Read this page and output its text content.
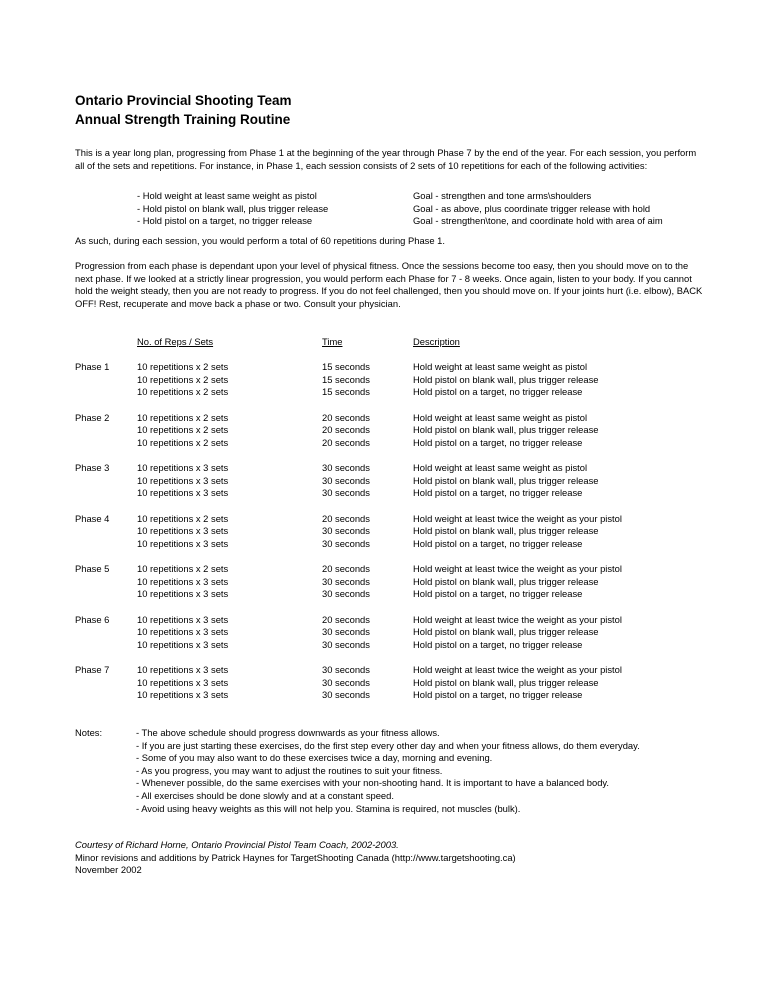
Ontario Provincial Shooting Team

Annual Strength Training Routine

This is a year long plan, progressing from Phase 1 at the beginning of the year through Phase 7 by the end of the year. For each session, you perform all of the sets and repetitions. For instance, in Phase 1, each session consists of 2 sets of 10 repetitions for each of the following activities:

- Hold weight at least same weight as pistol	Goal - strengthen and tone arms\shoulders
- Hold pistol on blank wall, plus trigger release	Goal - as above, plus coordinate trigger release with hold
- Hold pistol on a target, no trigger release	Goal - strengthen\tone, and coordinate hold with area of aim

As such, during each session, you would perform a total of 60 repetitions during Phase 1.

Progression from each phase is dependant upon your level of physical fitness. Once the sessions become too easy, then you should move on to the next phase. If we looked at a strictly linear progression, you would perform each Phase for 7 - 8 weeks. Once again, listen to your body. If you cannot hold the weight steady, then you are not ready to progress. If you do not feel challenged, then you should move on. If your joints hurt (i.e. elbow), BACK OFF! Rest, recuperate and move back a phase or two. Consult your physician.

No. of Reps / Sets	Time	Description
Phase 1	10 repetitions x 2 sets	15 seconds	Hold weight at least same weight as pistol
10 repetitions x 2 sets	15 seconds	Hold pistol on blank wall, plus trigger release
10 repetitions x 2 sets	15 seconds	Hold pistol on a target, no trigger release
Phase 2	10 repetitions x 2 sets	20 seconds	Hold weight at least same weight as pistol
10 repetitions x 2 sets	20 seconds	Hold pistol on blank wall, plus trigger release
10 repetitions x 2 sets	20 seconds	Hold pistol on a target, no trigger release
Phase 3	10 repetitions x 3 sets	30 seconds	Hold weight at least same weight as pistol
10 repetitions x 3 sets	30 seconds	Hold pistol on blank wall, plus trigger release
10 repetitions x 3 sets	30 seconds	Hold pistol on a target, no trigger release
Phase 4	10 repetitions x 2 sets	20 seconds	Hold weight at least twice the weight as your pistol
10 repetitions x 3 sets	30 seconds	Hold pistol on blank wall, plus trigger release
10 repetitions x 3 sets	30 seconds	Hold pistol on a target, no trigger release
Phase 5	10 repetitions x 2 sets	20 seconds	Hold weight at least twice the weight as your pistol
10 repetitions x 3 sets	30 seconds	Hold pistol on blank wall, plus trigger release
10 repetitions x 3 sets	30 seconds	Hold pistol on a target, no trigger release
Phase 6	10 repetitions x 3 sets	20 seconds	Hold weight at least twice the weight as your pistol
10 repetitions x 3 sets	30 seconds	Hold pistol on blank wall, plus trigger release
10 repetitions x 3 sets	30 seconds	Hold pistol on a target, no trigger release
Phase 7	10 repetitions x 3 sets	30 seconds	Hold weight at least twice the weight as your pistol
10 repetitions x 3 sets	30 seconds	Hold pistol on blank wall, plus trigger release
10 repetitions x 3 sets	30 seconds	Hold pistol on a target, no trigger release
Notes:	- The above schedule should progress downwards as your fitness allows.
- If you are just starting these exercises, do the first step every other day and when your fitness allows, do them everyday.
- Some of you may also want to do these exercises twice a day, morning and evening.
- As you progress, you may want to adjust the routines to suit your fitness.
- Whenever possible, do the same exercises with your non-shooting hand. It is important to have a balanced body.
- All exercises should be done slowly and at a constant speed.
- Avoid using heavy weights as this will not help you. Stamina is required, not muscles (bulk).
Courtesy of Richard Horne, Ontario Provincial Pistol Team Coach, 2002-2003.
Minor revisions and additions by Patrick Haynes for TargetShooting Canada (http://www.targetshooting.ca)
November 2002
